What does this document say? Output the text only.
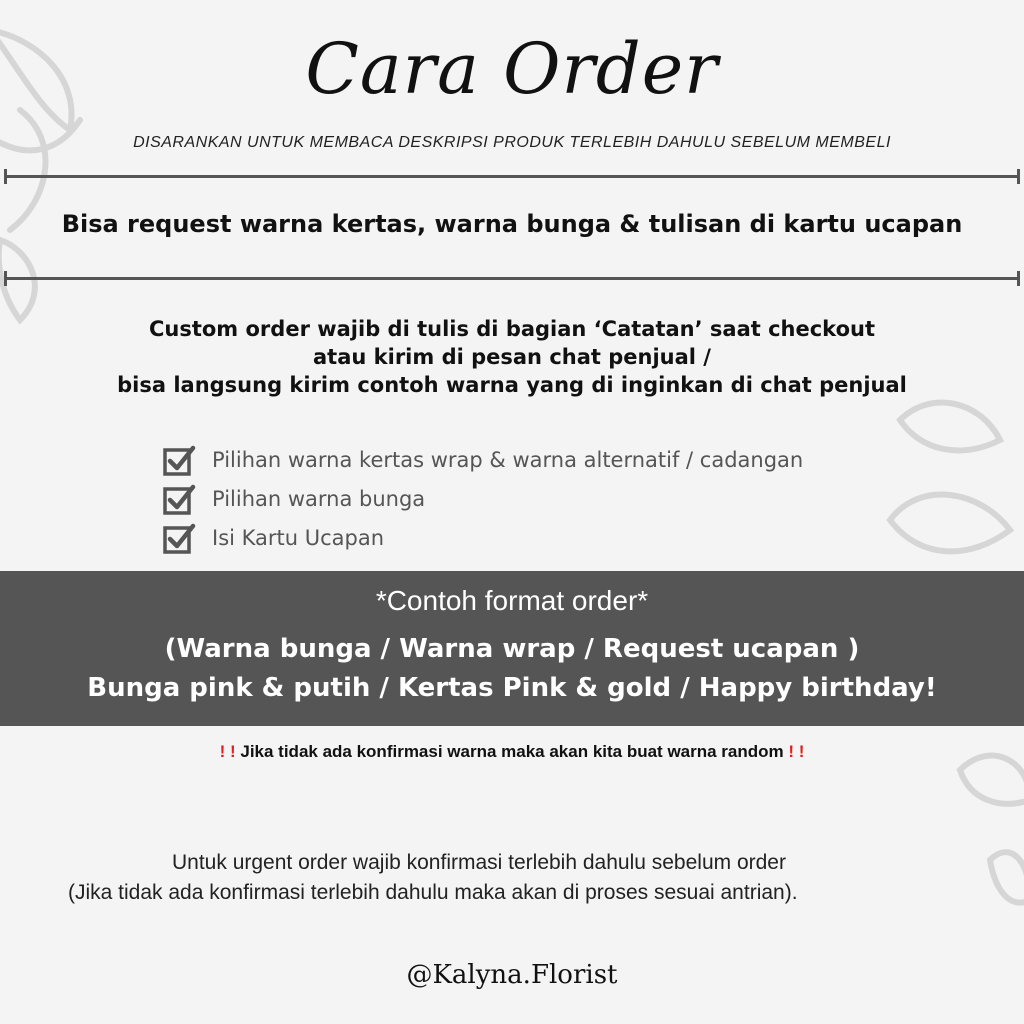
Cara Order
DISARANKAN UNTUK MEMBACA DESKRIPSI PRODUK TERLEBIH DAHULU SEBELUM MEMBELI
Bisa request warna kertas, warna bunga & tulisan di kartu ucapan
Custom order wajib di tulis di bagian ‘Catatan’ saat checkout
atau kirim di pesan chat penjual /
bisa langsung kirim contoh warna yang di inginkan di chat penjual
Pilihan warna kertas wrap & warna alternatif / cadangan
Pilihan warna bunga
Isi Kartu Ucapan
*Contoh format order*
(Warna bunga / Warna wrap / Request ucapan )
Bunga pink & putih / Kertas Pink & gold / Happy birthday!
! ! Jika tidak ada konfirmasi warna maka akan kita buat warna random ! !
Untuk urgent order wajib konfirmasi terlebih dahulu sebelum order
(Jika tidak ada konfirmasi terlebih dahulu maka akan di proses sesuai antrian).
@Kalyna.Florist
